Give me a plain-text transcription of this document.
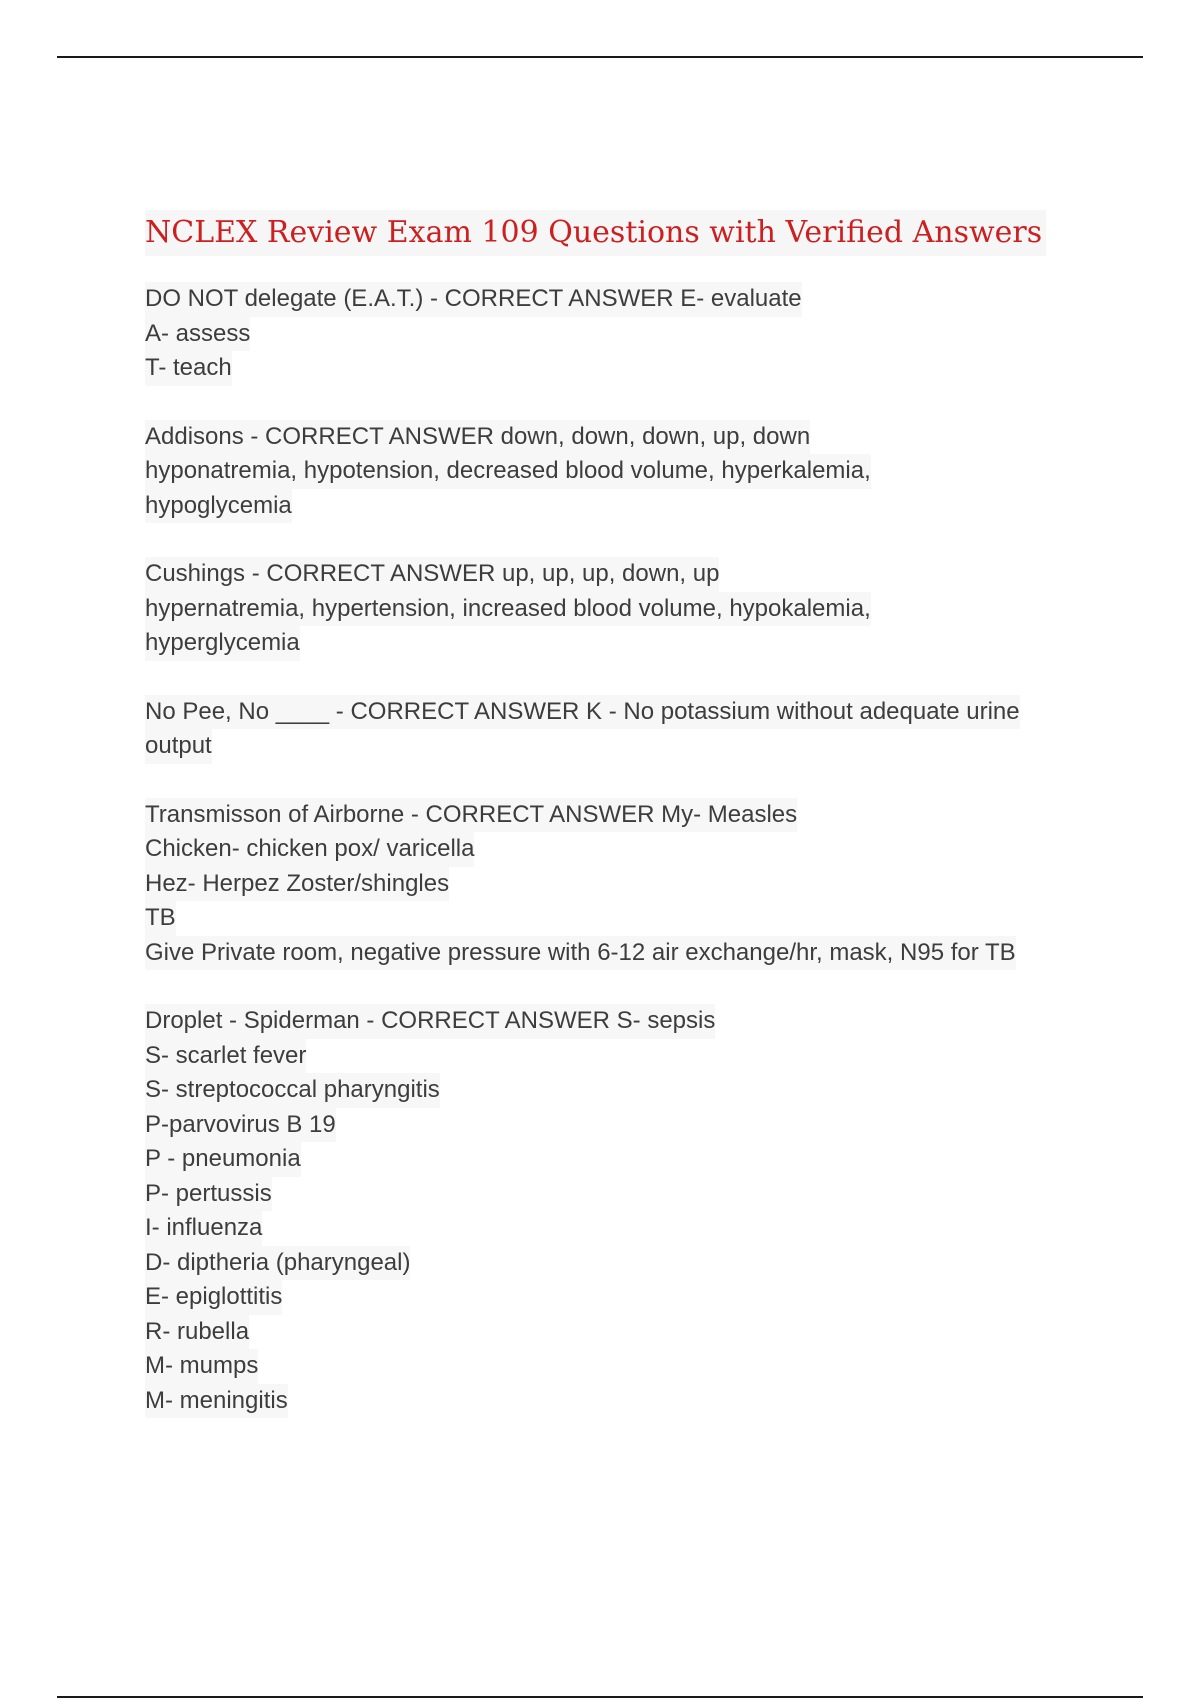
NCLEX Review Exam 109 Questions with Verified Answers
DO NOT delegate (E.A.T.) - CORRECT ANSWER E- evaluate
A- assess
T- teach
Addisons - CORRECT ANSWER down, down, down, up, down
hyponatremia, hypotension, decreased blood volume, hyperkalemia,
hypoglycemia
Cushings - CORRECT ANSWER up, up, up, down, up
hypernatremia, hypertension, increased blood volume, hypokalemia,
hyperglycemia
No Pee, No ____ - CORRECT ANSWER K - No potassium without adequate urine
output
Transmisson of Airborne - CORRECT ANSWER My- Measles
Chicken- chicken pox/ varicella
Hez- Herpez Zoster/shingles
TB
Give Private room, negative pressure with 6-12 air exchange/hr, mask, N95 for TB
Droplet - Spiderman - CORRECT ANSWER S- sepsis
S- scarlet fever
S- streptococcal pharyngitis
P-parvovirus B 19
P - pneumonia
P- pertussis
I- influenza
D- diptheria (pharyngeal)
E- epiglottitis
R- rubella
M- mumps
M- meningitis
